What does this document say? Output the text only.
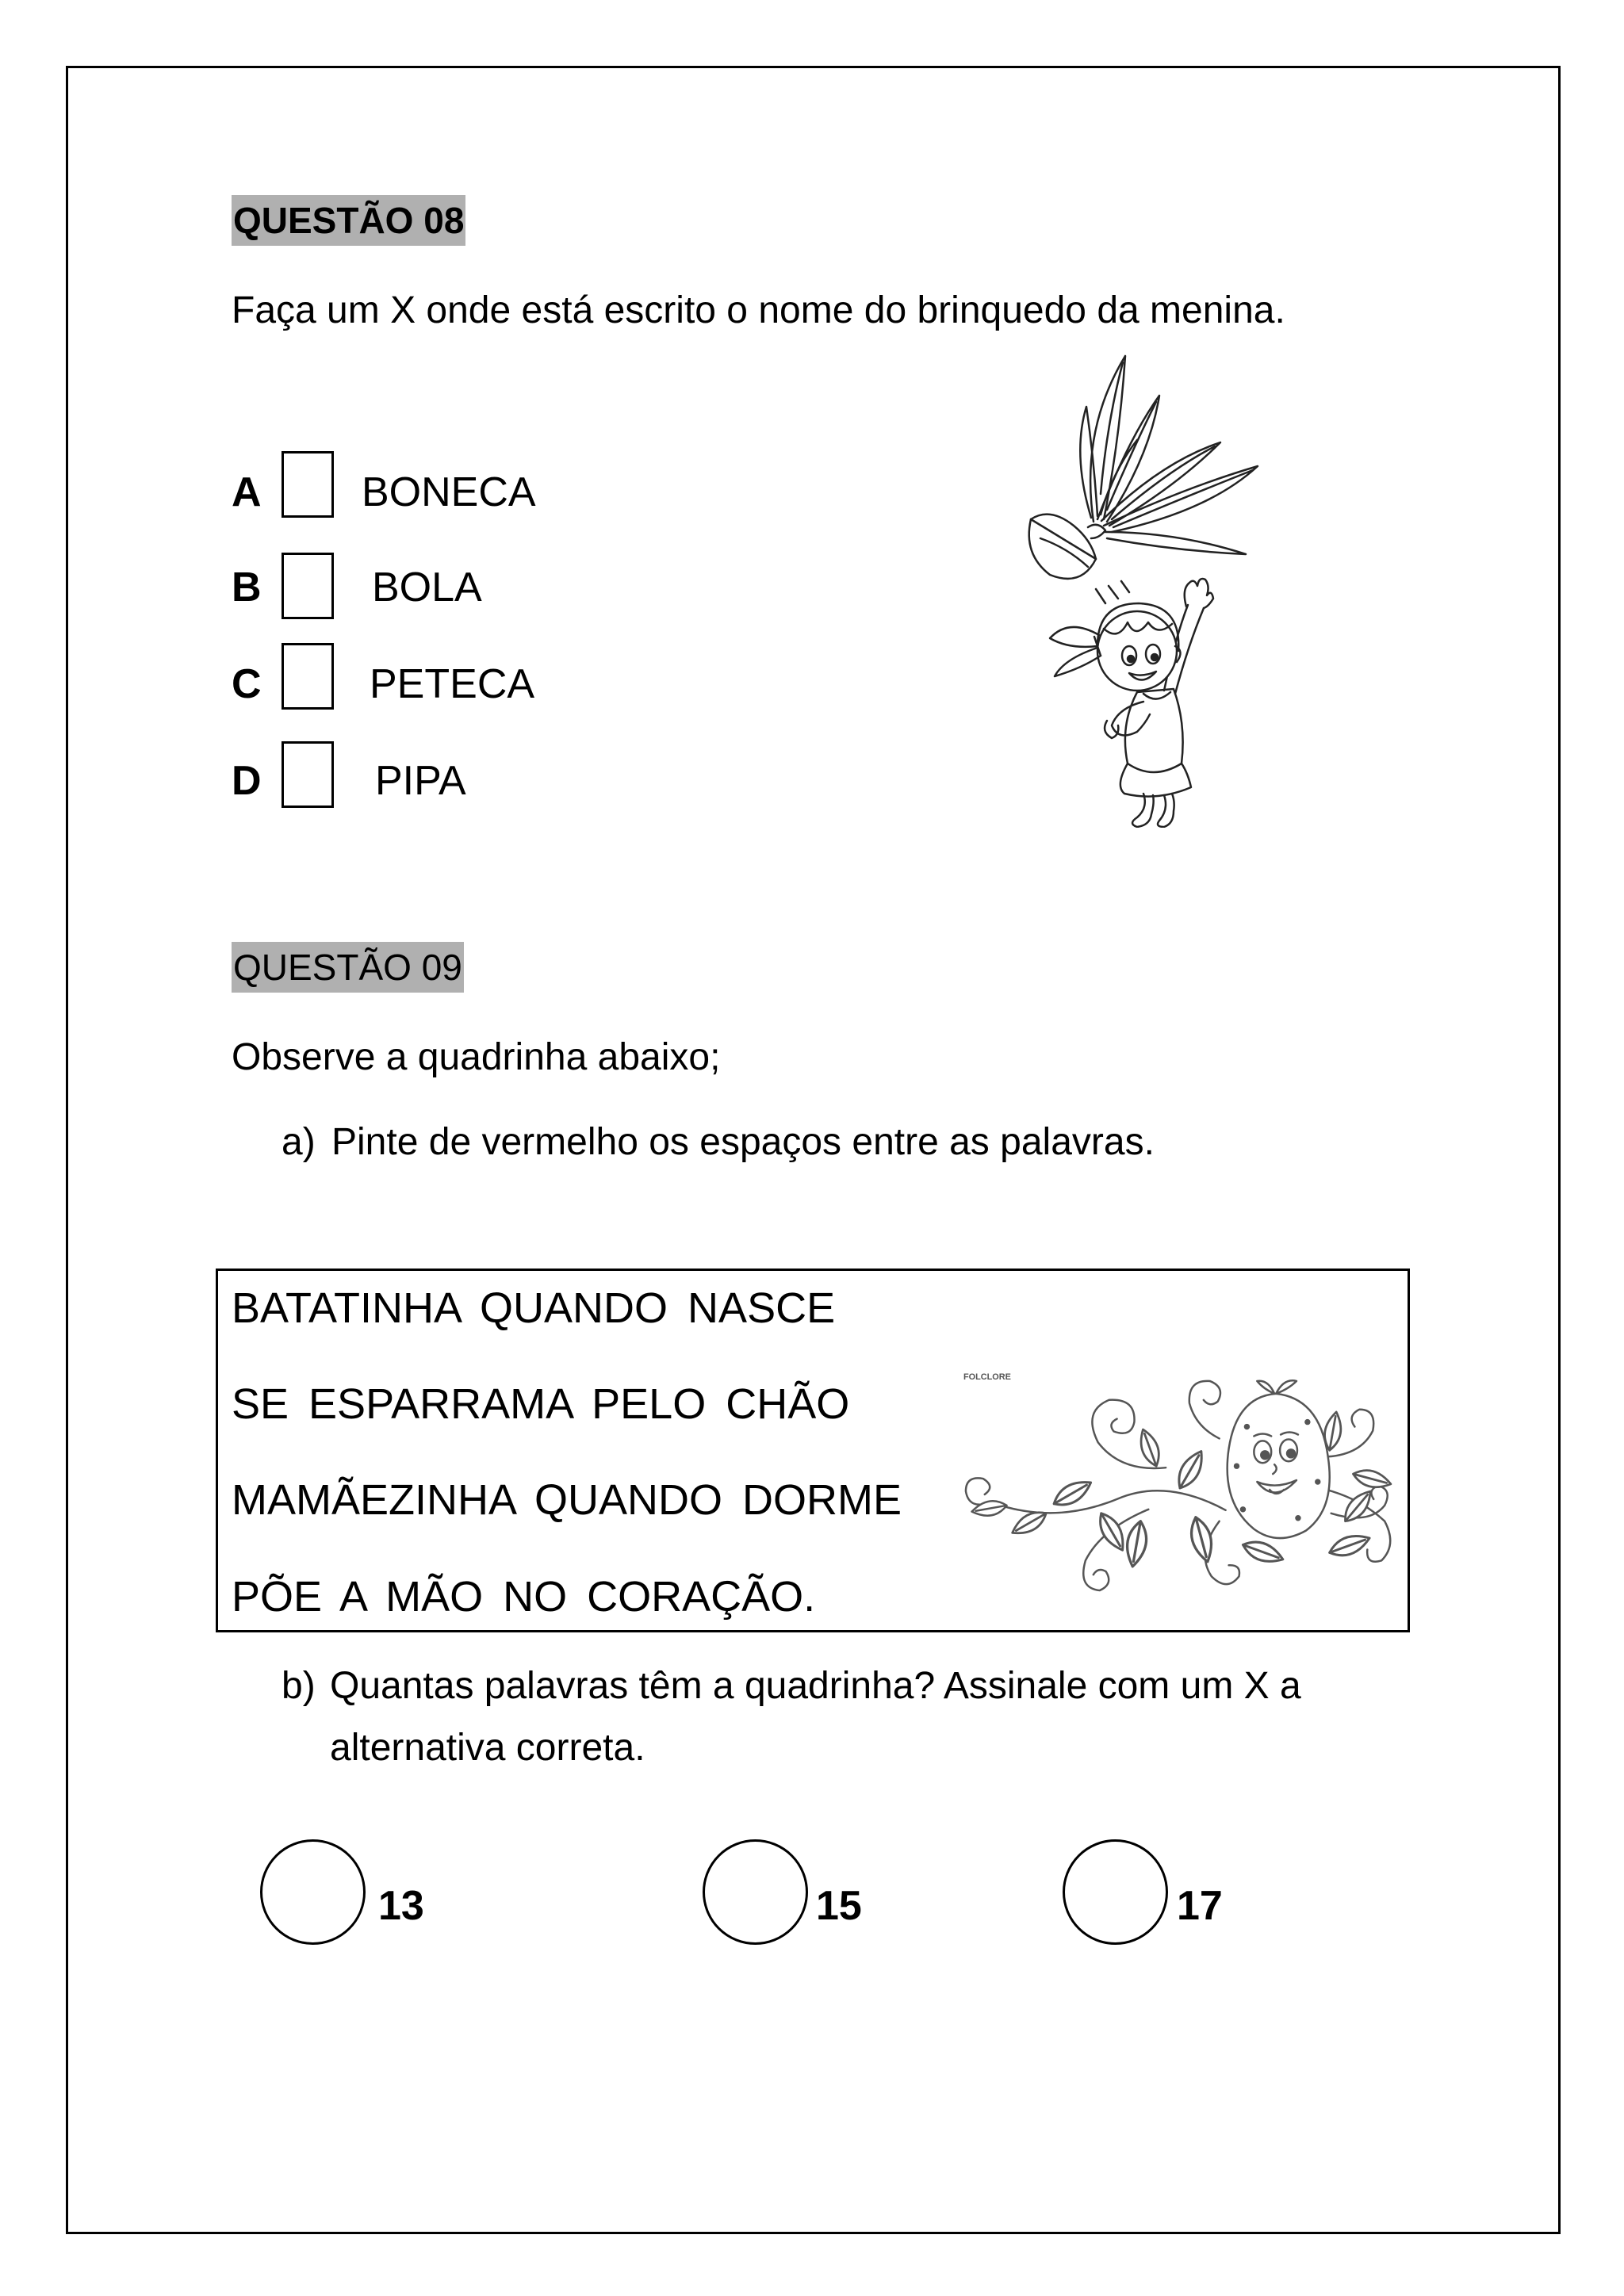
QUESTÃO 08
Faça um X onde está escrito o nome do brinquedo da menina.
A BONECA
B	BOLA
C	PETECA
D	PIPA
QUESTÃO 09
Observe a quadrinha abaixo;
a) Pinte de vermelho os espaços entre as palavras.
BATATINHA QUANDO NASCE
SE ESPARRAMA PELO CHÃO
MAMÃEZINHA QUANDO DORME
PÕE A MÃO NO CORAÇÃO.
FOLCLORE
b) Quantas palavras têm a quadrinha? Assinale com um X a
alternativa correta.
13	15	17
